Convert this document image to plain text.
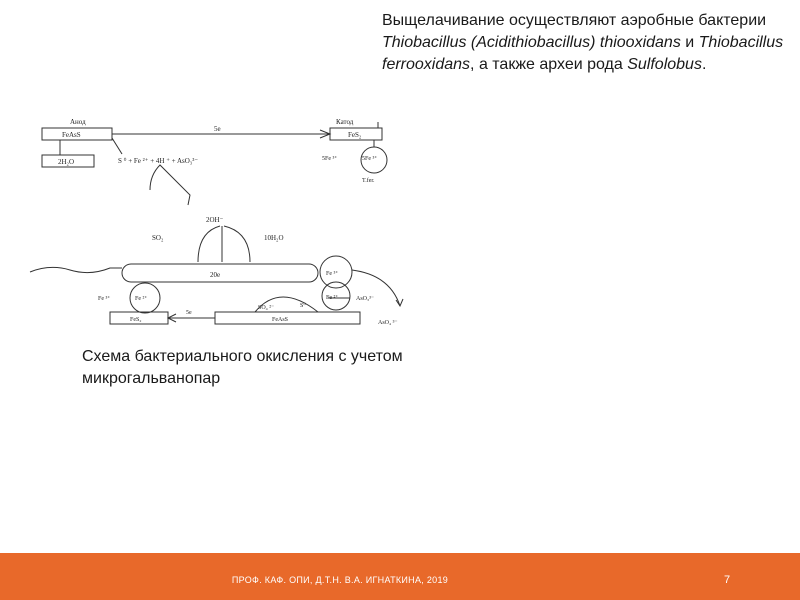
Выщелачивание осуществляют аэробные бактерии Thiobacillus (Acidithiobacillus) thiooxidans и Thiobacillus ferrooxidans, а также археи рода Sulfolobus.
Анод	Катод
FeAsS	FeS₂
5e
2H₂O	S ⁰ + Fe ²⁺ + 4H ⁺ + AsO₃³⁻	5Fe ³⁺	5Fe ³⁺
T.fer.
SO₂
2OH⁻
10H₂O
20e	Fe ³⁺
Fe ³⁺	Fe ²⁺
SO₄ ²⁻	S⁰
Fe ²⁺	AsO₃³⁻
AsO₄ ³⁻
FeS₂
5e
FeAsS
Схема бактериального окисления с учетом микрогальванопар
ПРОФ. КАФ. ОПИ, Д.Т.Н. В.А. ИГНАТКИНА, 2019	7
